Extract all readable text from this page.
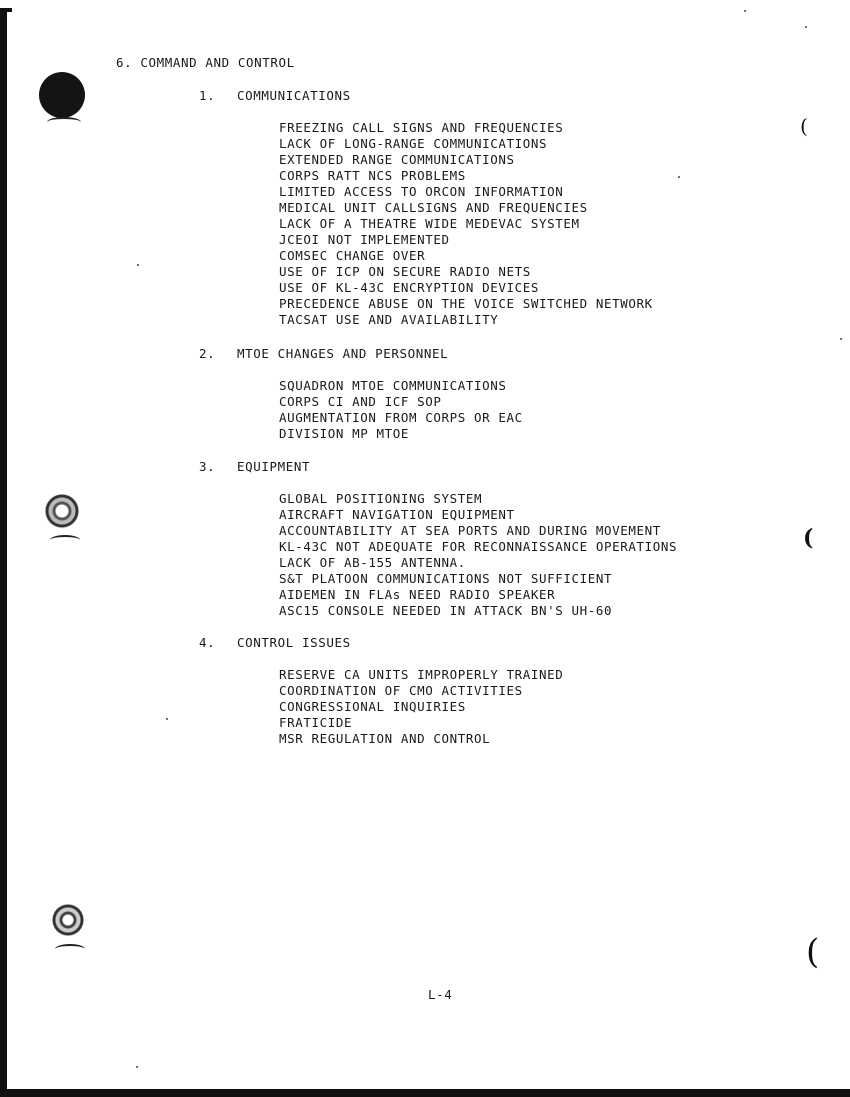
(
(
(
6. COMMAND AND CONTROL
1. COMMUNICATIONS
FREEZING CALL SIGNS AND FREQUENCIES
LACK OF LONG-RANGE COMMUNICATIONS
EXTENDED RANGE COMMUNICATIONS
CORPS RATT NCS PROBLEMS
LIMITED ACCESS TO ORCON INFORMATION
MEDICAL UNIT CALLSIGNS AND FREQUENCIES
LACK OF A THEATRE WIDE MEDEVAC SYSTEM
JCEOI NOT IMPLEMENTED
COMSEC CHANGE OVER
USE OF ICP ON SECURE RADIO NETS
USE OF KL-43C ENCRYPTION DEVICES
PRECEDENCE ABUSE ON THE VOICE SWITCHED NETWORK
TACSAT USE AND AVAILABILITY
2. MTOE CHANGES AND PERSONNEL
SQUADRON MTOE COMMUNICATIONS
CORPS CI AND ICF SOP
AUGMENTATION FROM CORPS OR EAC
DIVISION MP MTOE
3. EQUIPMENT
GLOBAL POSITIONING SYSTEM
AIRCRAFT NAVIGATION EQUIPMENT
ACCOUNTABILITY AT SEA PORTS AND DURING MOVEMENT
KL-43C NOT ADEQUATE FOR RECONNAISSANCE OPERATIONS
LACK OF AB-155 ANTENNA.
S&T PLATOON COMMUNICATIONS NOT SUFFICIENT
AIDEMEN IN FLAs NEED RADIO SPEAKER
ASC15 CONSOLE NEEDED IN ATTACK BN'S UH-60
4. CONTROL ISSUES
RESERVE CA UNITS IMPROPERLY TRAINED
COORDINATION OF CMO ACTIVITIES
CONGRESSIONAL INQUIRIES
FRATICIDE
MSR REGULATION AND CONTROL
L-4
